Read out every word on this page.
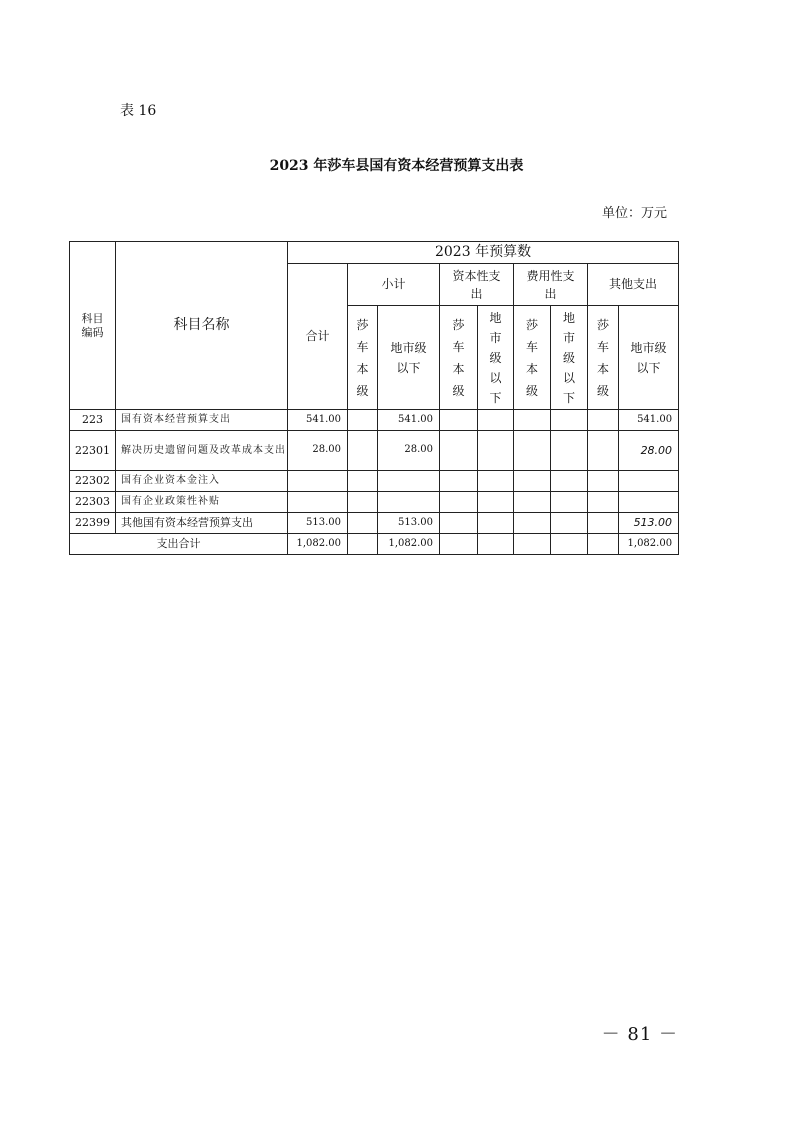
表 16
2023 年莎车县国有资本经营预算支出表
单位：万元
科目编码	科目名称	2023 年预算数								
		合计	小计		资本性支出		费用性支出		其他支出	

			莎车本级	地市级以下	莎车本级	地市级以下	莎车本级	地市级以下	莎车本级	地市级以下
223	国有资本经营预算支出	541.00		541.00						541.00
22301	解决历史遗留问题及改革成本支出	28.00		28.00						28.00
22302	国有企业资本金注入									
22303	国有企业政策性补贴									
22399	其他国有资本经营预算支出	513.00		513.00						513.00
支出合计		1,082.00		1,082.00						1,082.00
－ 81 －
